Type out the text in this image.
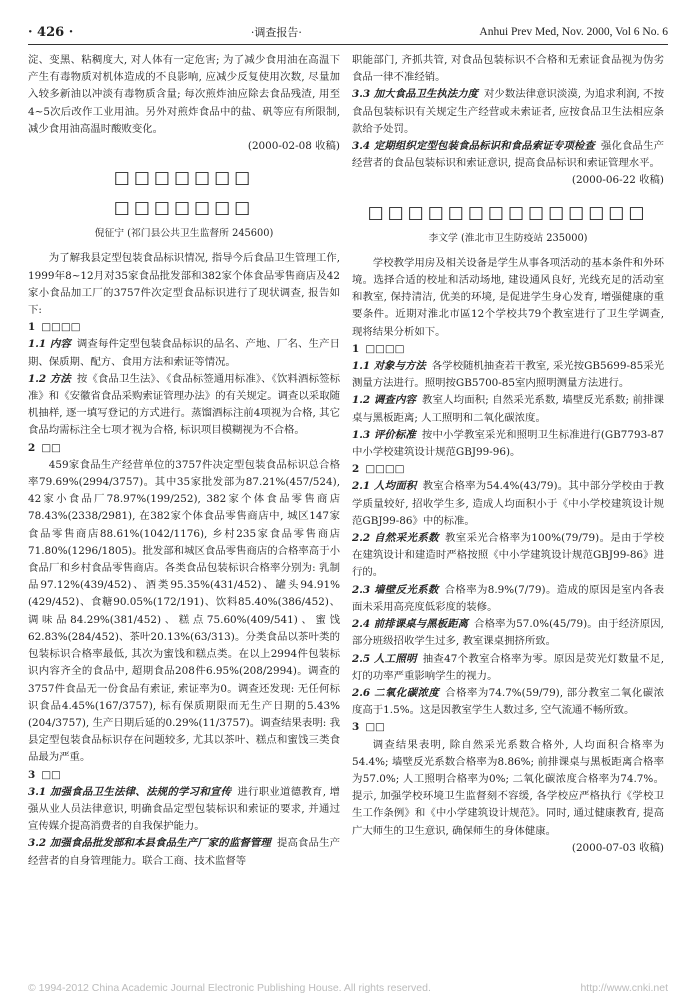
· 426 ·	·调查报告·	Anhui Prev Med, Nov. 2000, Vol 6 No. 6

淀、变黑、粘稠度大, 对人体有一定危害; 为了减少食用油在高温下产生有毒物质对机体造成的不良影响, 应减少反复使用次数, 尽量加入较多新油以冲淡有毒物质含量; 每次煎炸油应除去食品残渣, 用至4~5次后改作工业用油。另外对煎炸食品中的盐、矾等应有所限制, 减少食用油高温时酸败变化。

(2000-02-08 收稿)

□□□□□□□
□□□□□□□

倪征宁 (祁门县公共卫生监督所 245600)

为了解我县定型包装食品标识情况, 指导今后食品卫生管理工作, 1999年8~12月对35家食品批发部和382家个体食品零售商店及42家小食品加工厂的3757件次定型食品标识进行了现状调查, 报告如下:

1 □□□□

1.1 内容 调查每件定型包装食品标识的品名、产地、厂名、生产日期、保质期、配方、食用方法和索证等情况。

1.2 方法 按《食品卫生法》、《食品标签通用标准》、《饮料酒标签标准》和《安徽省食品采购索证管理办法》的有关规定。调查以采取随机抽样, 逐一填写登记的方式进行。蒸馏酒标注前4项视为合格, 其它食品均需标注全七项才视为合格, 标识项目模糊视为不合格。

2 □□

459家食品生产经营单位的3757件决定型包装食品标识总合格率79.69%(2994/3757)。其中35家批发部为87.21%(457/524), 42家小食品厂78.97%(199/252), 382家个体食品零售商店78.43%(2338/2981), 在382家个体食品零售商店中, 城区147家食品零售商店88.61%(1042/1176), 乡村235家食品零售商店71.80%(1296/1805)。批发部和城区食品零售商店的合格率高于小食品厂和乡村食品零售商店。各类食品包装标识合格率分别为: 乳制品97.12%(439/452)、酒类95.35%(431/452)、罐头94.91%(429/452)、食糖90.05%(172/191)、饮料85.40%(386/452)、调味品84.29%(381/452)、糕点75.60%(409/541)、蜜饯62.83%(284/452)、茶叶20.13%(63/313)。分类食品以茶叶类的包装标识合格率最低, 其次为蜜饯和糕点类。在以上2994件包装标识内容齐全的食品中, 超期食品208件6.95%(208/2994)。调查的3757件食品无一份食品有索证, 索证率为0。调查还发现: 无任何标识食品4.45%(167/3757), 标有保质期限而无生产日期的5.43%(204/3757), 生产日期后延的0.29%(11/3757)。调查结果表明: 我县定型包装食品标识存在问题较多, 尤其以茶叶、糕点和蜜饯三类食品最为严重。

3 □□

3.1 加强食品卫生法律、法规的学习和宣传 进行职业道德教育, 增强从业人员法律意识, 明确食品定型包装标识和索证的要求, 并通过宣传媒介提高消费者的自我保护能力。

3.2 加强食品批发部和本县食品生产厂家的监督管理 提高食品生产经营者的自身管理能力。联合工商、技术监督等

职能部门, 齐抓共管, 对食品包装标识不合格和无索证食品视为伪劣食品一律不准经销。

3.3 加大食品卫生执法力度 对少数法律意识淡漠, 为追求利润, 不按食品包装标识有关规定生产经营或未索证者, 应按食品卫生法相应条款给予处罚。

3.4 定期组织定型包装食品标识和食品索证专项检查 强化食品生产经营者的食品包装标识和索证意识, 提高食品标识和索证管理水平。

(2000-06-22 收稿)

□□□□□□□□□□□□□□

李文学 (淮北市卫生防疫站 235000)

学校教学用房及相关设备是学生从事各项活动的基本条件和外环境。选择合适的校址和活动场地, 建设通风良好, 光线充足的活动室和教室, 保持清洁, 优美的环境, 是促进学生身心发育, 增强健康的重要条件。近期对淮北市區12个学校共79个教室进行了卫生学调查, 现将结果分析如下。

1 □□□□

1.1 对象与方法 各学校随机抽查若干教室, 采光按GB5699-85采光测量方法进行。照明按GB5700-85室内照明测量方法进行。

1.2 调查内容 教室人均面积; 自然采光系数, 墙壁反光系数; 前排课桌与黑板距离; 人工照明和二氧化碳浓度。

1.3 评价标准 按中小学教室采光和照明卫生标准进行(GB7793-87中小学校建筑设计规范GBJ99-96)。

2 □□□□

2.1 人均面积 教室合格率为54.4%(43/79)。其中部分学校由于教学质量较好, 招收学生多, 造成人均面积小于《中小学校建筑设计规范GBJ99-86》中的标准。

2.2 自然采光系数 教室采光合格率为100%(79/79)。是由于学校在建筑设计和建造时严格按照《中小学建筑设计规范GBJ99-86》进行的。

2.3 墙壁反光系数 合格率为8.9%(7/79)。造成的原因是室内各表面未采用高亮度低彩度的装修。

2.4 前排课桌与黑板距离 合格率为57.0%(45/79)。由于经济原因, 部分班级招收学生过多, 教室课桌拥挤所致。

2.5 人工照明 抽查47个教室合格率为零。原因是荧光灯数量不足, 灯的功率严重影响学生的视力。

2.6 二氧化碳浓度 合格率为74.7%(59/79), 部分教室二氧化碳浓度高于1.5%。这是因教室学生人数过多, 空气流通不畅所致。

3 □□

调查结果表明, 除自然采光系数合格外, 人均面积合格率为54.4%; 墙壁反光系数合格率为8.86%; 前排课桌与黑板距离合格率为57.0%; 人工照明合格率为0%; 二氧化碳浓度合格率为74.7%。提示, 加强学校环境卫生监督刻不容缓, 各学校应严格执行《学校卫生工作条例》和《中小学建筑设计规范》。同时, 通过健康教育, 提高广大师生的卫生意识, 确保师生的身体健康。

(2000-07-03 收稿)

© 1994-2012 China Academic Journal Electronic Publishing House. All rights reserved.	http://www.cnki.net
